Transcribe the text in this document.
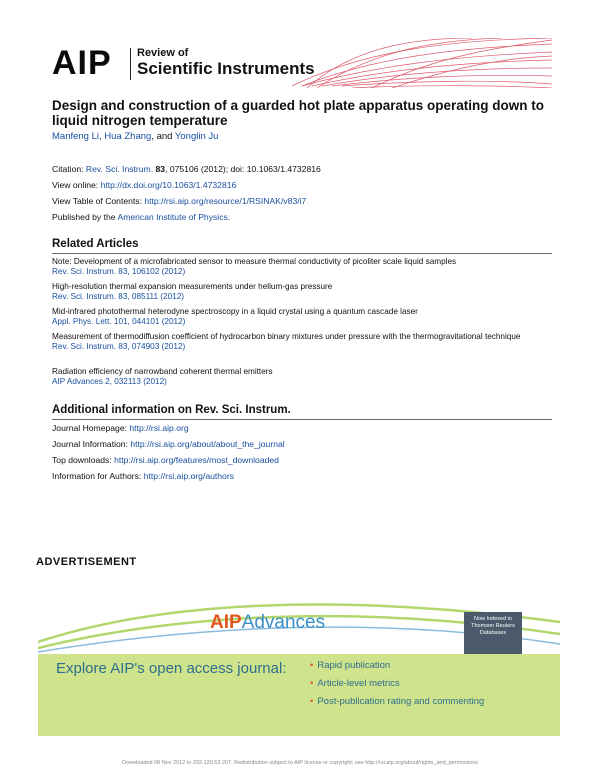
AIP Review of
Scientific Instruments
Design and construction of a guarded hot plate apparatus operating down to liquid nitrogen temperature
Manfeng Li, Hua Zhang, and Yonglin Ju
Citation: Rev. Sci. Instrum. 83, 075106 (2012); doi: 10.1063/1.4732816
View online: http://dx.doi.org/10.1063/1.4732816
View Table of Contents: http://rsi.aip.org/resource/1/RSINAK/v83/i7
Published by the American Institute of Physics.
Related Articles
Note: Development of a microfabricated sensor to measure thermal conductivity of picoliter scale liquid samples
Rev. Sci. Instrum. 83, 106102 (2012)
High-resolution thermal expansion measurements under helium-gas pressure
Rev. Sci. Instrum. 83, 085111 (2012)
Mid-infrared photothermal heterodyne spectroscopy in a liquid crystal using a quantum cascade laser
Appl. Phys. Lett. 101, 044101 (2012)
Measurement of thermodiffusion coefficient of hydrocarbon binary mixtures under pressure with the thermogravitational technique
Rev. Sci. Instrum. 83, 074903 (2012)
Radiation efficiency of narrowband coherent thermal emitters
AIP Advances 2, 032113 (2012)
Additional information on Rev. Sci. Instrum.
Journal Homepage: http://rsi.aip.org
Journal Information: http://rsi.aip.org/about/about_the_journal
Top downloads: http://rsi.aip.org/features/most_downloaded
Information for Authors: http://rsi.aip.org/authors
ADVERTISEMENT
AIPAdvances	Now Indexed in Thomson Reuters Databases
Explore AIP's open access journal: • Rapid publication
• Article-level metrics
• Post-publication rating and commenting
Downloaded 08 Nov 2012 to 202.120.53.207. Redistribution subject to AIP license or copyright; see http://rsi.aip.org/about/rights_and_permissions
